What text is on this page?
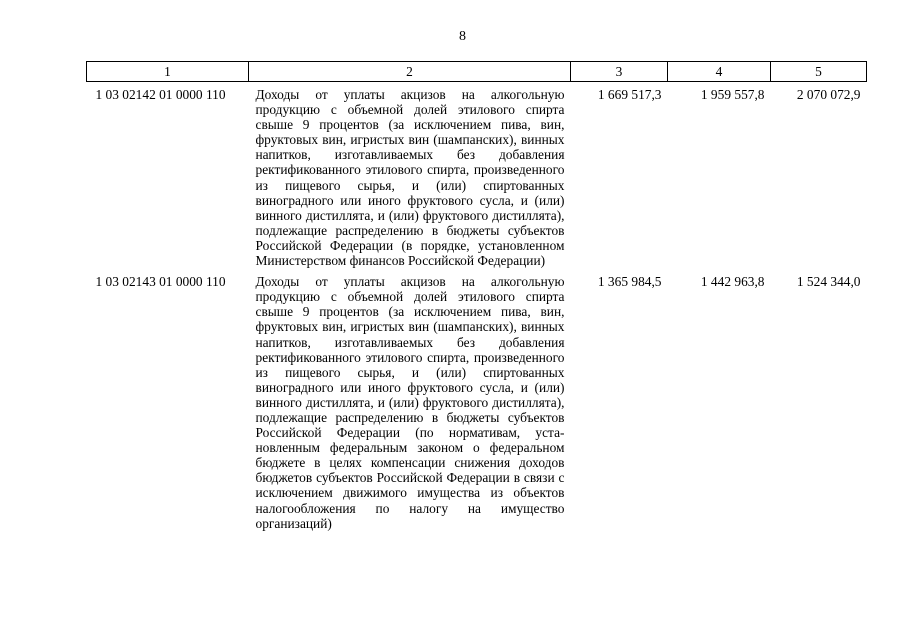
8
1	2	3	4	5
1 03 02142 01 0000 110	Доходы от уплаты акцизов на алкогольную продукцию с объемной долей этилового спирта свыше 9 процентов (за исключением пива, вин, фруктовых вин, игристых вин (шампанских), винных напитков, изготавливаемых без добавления ректификованного этилового спирта, произведенного из пищевого сырья, и (или) спиртованных виноградного или иного фруктового сусла, и (или) винного дистиллята, и (или) фруктового дистиллята), подлежащие распределению в бюджеты субъектов Российской Федерации (в порядке, установленном Министерством финансов Российской Федерации)	1 669 517,3	1 959 557,8	2 070 072,9
1 03 02143 01 0000 110	Доходы от уплаты акцизов на алкогольную продукцию с объемной долей этилового спирта свыше 9 процентов (за исключением пива, вин, фруктовых вин, игристых вин (шампанских), винных напитков, изготавливаемых без добавления ректификованного этилового спирта, произведенного из пищевого сырья, и (или) спиртованных виноградного или иного фруктового сусла, и (или) винного дистиллята, и (или) фруктового дистиллята), подлежащие распределению в бюджеты субъектов Российской Федерации (по нормативам, установленным федеральным законом о федеральном бюджете в целях компенсации снижения доходов бюджетов субъектов Российской Федерации в связи с исключением движимого имущества из объектов налогообложения по налогу на имущество организаций)	1 365 984,5	1 442 963,8	1 524 344,0
